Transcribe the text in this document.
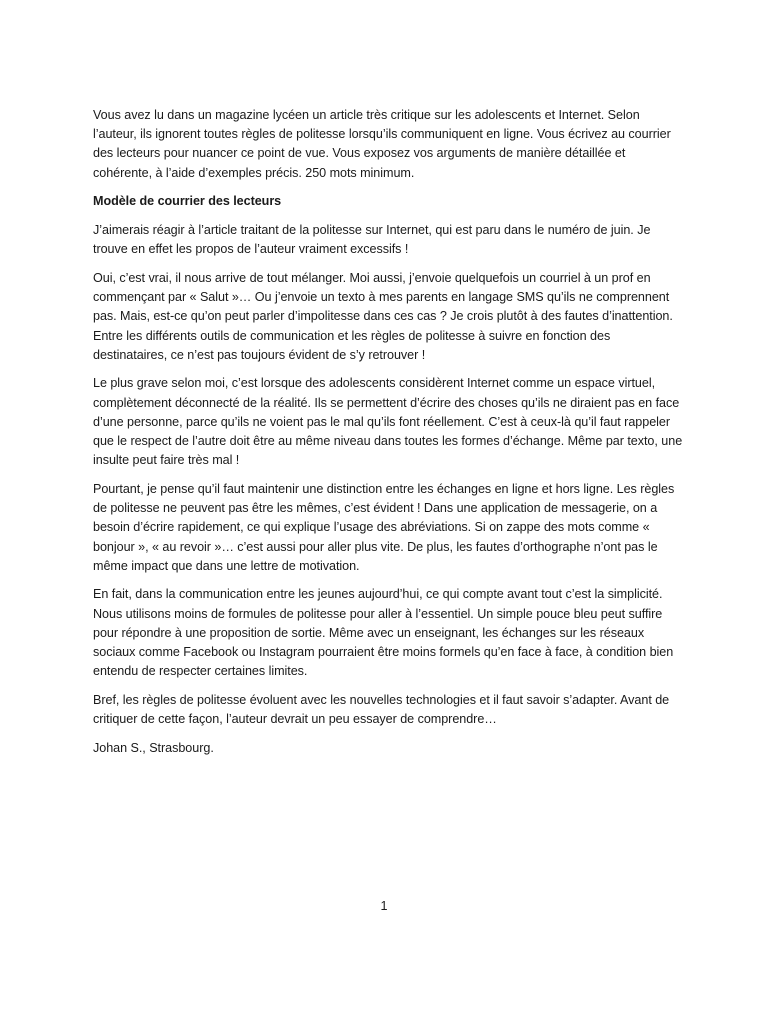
Vous avez lu dans un magazine lycéen un article très critique sur les adolescents et Internet. Selon l’auteur, ils ignorent toutes règles de politesse lorsqu’ils communiquent en ligne. Vous écrivez au courrier des lecteurs pour nuancer ce point de vue. Vous exposez vos arguments de manière détaillée et cohérente, à l’aide d’exemples précis. 250 mots minimum.

Modèle de courrier des lecteurs

J’aimerais réagir à l’article traitant de la politesse sur Internet, qui est paru dans le numéro de juin. Je trouve en effet les propos de l’auteur vraiment excessifs !

Oui, c’est vrai, il nous arrive de tout mélanger. Moi aussi, j’envoie quelquefois un courriel à un prof en commençant par « Salut »… Ou j’envoie un texto à mes parents en langage SMS qu’ils ne comprennent pas. Mais, est-ce qu’on peut parler d’impolitesse dans ces cas ? Je crois plutôt à des fautes d’inattention. Entre les différents outils de communication et les règles de politesse à suivre en fonction des destinataires, ce n’est pas toujours évident de s’y retrouver !

Le plus grave selon moi, c’est lorsque des adolescents considèrent Internet comme un espace virtuel, complètement déconnecté de la réalité. Ils se permettent d’écrire des choses qu’ils ne diraient pas en face d’une personne, parce qu’ils ne voient pas le mal qu’ils font réellement. C’est à ceux-là qu’il faut rappeler que le respect de l’autre doit être au même niveau dans toutes les formes d’échange. Même par texto, une insulte peut faire très mal !

Pourtant, je pense qu’il faut maintenir une distinction entre les échanges en ligne et hors ligne. Les règles de politesse ne peuvent pas être les mêmes, c’est évident ! Dans une application de messagerie, on a besoin d’écrire rapidement, ce qui explique l’usage des abréviations. Si on zappe des mots comme « bonjour », « au revoir »… c’est aussi pour aller plus vite. De plus, les fautes d’orthographe n’ont pas le même impact que dans une lettre de motivation.

En fait, dans la communication entre les jeunes aujourd’hui, ce qui compte avant tout c’est la simplicité. Nous utilisons moins de formules de politesse pour aller à l’essentiel. Un simple pouce bleu peut suffire pour répondre à une proposition de sortie. Même avec un enseignant, les échanges sur les réseaux sociaux comme Facebook ou Instagram pourraient être moins formels qu’en face à face, à condition bien entendu de respecter certaines limites.

Bref, les règles de politesse évoluent avec les nouvelles technologies et il faut savoir s’adapter. Avant de critiquer de cette façon, l’auteur devrait un peu essayer de comprendre…

Johan S., Strasbourg.

1
